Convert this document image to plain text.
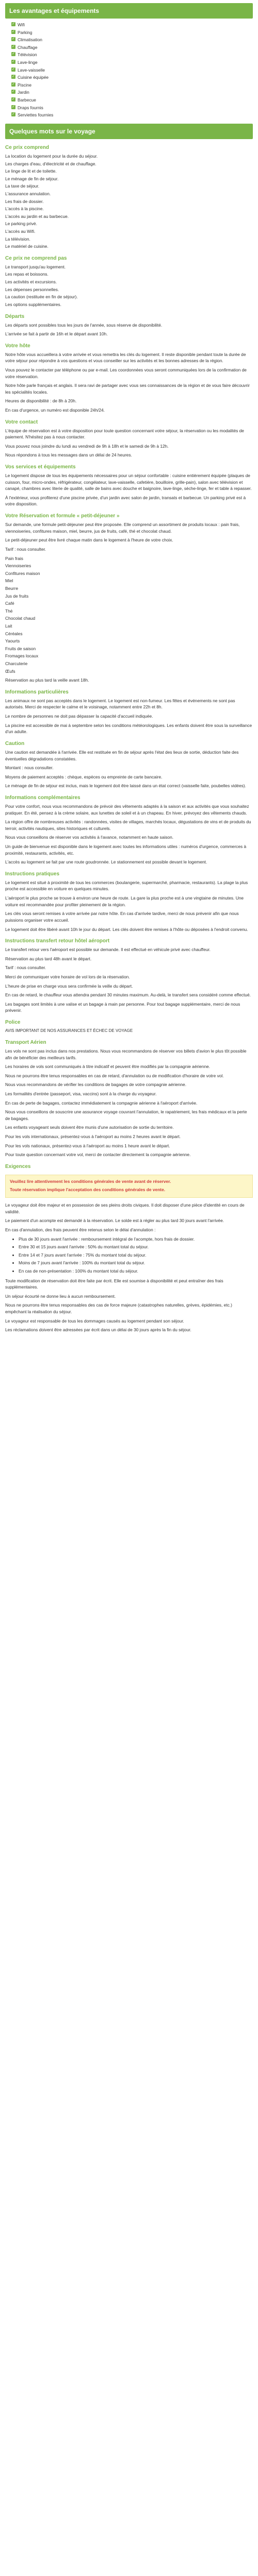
Les avantages et équipements
✓ Wifi
✓ Parking
✓ Climatisation
✓ Chauffage
✓ Télévision
✓ Lave-linge
✓ Lave-vaisselle
✓ Cuisine équipée
✓ Piscine
✓ Jardin
✓ Barbecue
✓ Draps fournis
✓ Serviettes fournies
Quelques mots sur le voyage
Ce prix comprend

La location du logement pour la durée du séjour.

Les charges d'eau, d'électricité et de chauffage.

Le linge de lit et de toilette.

Le ménage de fin de séjour.

La taxe de séjour.

L'assurance annulation.

Les frais de dossier.

L'accès à la piscine.

L'accès au jardin et au barbecue.

Le parking privé.

L'accès au Wifi.

La télévision.

Le matériel de cuisine.

Ce prix ne comprend pas

Le transport jusqu'au logement.

Les repas et boissons.

Les activités et excursions.

Les dépenses personnelles.

La caution (restituée en fin de séjour).

Les options supplémentaires.

Départs

Les départs sont possibles tous les jours de l'année, sous réserve de disponibilité.

L'arrivée se fait à partir de 16h et le départ avant 10h.

Votre hôte

Notre hôte vous accueillera à votre arrivée et vous remettra les clés du logement. Il reste disponible pendant toute la durée de votre séjour pour répondre à vos questions et vous conseiller sur les activités et les bonnes adresses de la région.

Vous pouvez le contacter par téléphone ou par e-mail. Les coordonnées vous seront communiquées lors de la confirmation de votre réservation.

Notre hôte parle français et anglais. Il sera ravi de partager avec vous ses connaissances de la région et de vous faire découvrir les spécialités locales.

Heures de disponibilité : de 8h à 20h.

En cas d'urgence, un numéro est disponible 24h/24.

Votre contact

L'équipe de réservation est à votre disposition pour toute question concernant votre séjour, la réservation ou les modalités de paiement. N'hésitez pas à nous contacter.

Vous pouvez nous joindre du lundi au vendredi de 9h à 18h et le samedi de 9h à 12h.

Nous répondons à tous les messages dans un délai de 24 heures.

Vos services et équipements

Le logement dispose de tous les équipements nécessaires pour un séjour confortable : cuisine entièrement équipée (plaques de cuisson, four, micro-ondes, réfrigérateur, congélateur, lave-vaisselle, cafetière, bouilloire, grille-pain), salon avec télévision et canapé, chambres avec literie de qualité, salle de bains avec douche et baignoire, lave-linge, sèche-linge, fer et table à repasser.

À l'extérieur, vous profiterez d'une piscine privée, d'un jardin avec salon de jardin, transats et barbecue. Un parking privé est à votre disposition.

Votre Réservation et formule « petit-déjeuner »

Sur demande, une formule petit-déjeuner peut être proposée. Elle comprend un assortiment de produits locaux : pain frais, viennoiseries, confitures maison, miel, beurre, jus de fruits, café, thé et chocolat chaud.

Le petit-déjeuner peut être livré chaque matin dans le logement à l'heure de votre choix.

Tarif : nous consulter.

Pain frais
Viennoiseries
Confitures maison
Miel
Beurre
Jus de fruits
Café
Thé
Chocolat chaud
Lait
Céréales
Yaourts
Fruits de saison
Fromages locaux
Charcuterie
Œufs

Réservation au plus tard la veille avant 18h.

Informations particulières

Les animaux ne sont pas acceptés dans le logement. Le logement est non-fumeur. Les fêtes et événements ne sont pas autorisés. Merci de respecter le calme et le voisinage, notamment entre 22h et 8h.

Le nombre de personnes ne doit pas dépasser la capacité d'accueil indiquée.

La piscine est accessible de mai à septembre selon les conditions météorologiques. Les enfants doivent être sous la surveillance d'un adulte.

Caution

Une caution est demandée à l'arrivée. Elle est restituée en fin de séjour après l'état des lieux de sortie, déduction faite des éventuelles dégradations constatées.

Montant : nous consulter.

Moyens de paiement acceptés : chèque, espèces ou empreinte de carte bancaire.

Le ménage de fin de séjour est inclus, mais le logement doit être laissé dans un état correct (vaisselle faite, poubelles vidées).

Informations complémentaires

Pour votre confort, nous vous recommandons de prévoir des vêtements adaptés à la saison et aux activités que vous souhaitez pratiquer. En été, pensez à la crème solaire, aux lunettes de soleil et à un chapeau. En hiver, prévoyez des vêtements chauds.

La région offre de nombreuses activités : randonnées, visites de villages, marchés locaux, dégustations de vins et de produits du terroir, activités nautiques, sites historiques et culturels.

Nous vous conseillons de réserver vos activités à l'avance, notamment en haute saison.

Un guide de bienvenue est disponible dans le logement avec toutes les informations utiles : numéros d'urgence, commerces à proximité, restaurants, activités, etc.

L'accès au logement se fait par une route goudronnée. Le stationnement est possible devant le logement.

Instructions pratiques

Le logement est situé à proximité de tous les commerces (boulangerie, supermarché, pharmacie, restaurants). La plage la plus proche est accessible en voiture en quelques minutes.

L'aéroport le plus proche se trouve à environ une heure de route. La gare la plus proche est à une vingtaine de minutes. Une voiture est recommandée pour profiter pleinement de la région.

Les clés vous seront remises à votre arrivée par notre hôte. En cas d'arrivée tardive, merci de nous prévenir afin que nous puissions organiser votre accueil.

Le logement doit être libéré avant 10h le jour du départ. Les clés doivent être remises à l'hôte ou déposées à l'endroit convenu.

Instructions transfert retour hôtel aéroport

Le transfert retour vers l'aéroport est possible sur demande. Il est effectué en véhicule privé avec chauffeur.

Réservation au plus tard 48h avant le départ.

Tarif : nous consulter.

Merci de communiquer votre horaire de vol lors de la réservation.

L'heure de prise en charge vous sera confirmée la veille du départ.

En cas de retard, le chauffeur vous attendra pendant 30 minutes maximum. Au-delà, le transfert sera considéré comme effectué.

Les bagages sont limités à une valise et un bagage à main par personne. Pour tout bagage supplémentaire, merci de nous prévenir.

Police

AVIS IMPORTANT DE NOS ASSURANCES ET ÉCHEC DE VOYAGE

Transport Aérien

Les vols ne sont pas inclus dans nos prestations. Nous vous recommandons de réserver vos billets d'avion le plus tôt possible afin de bénéficier des meilleurs tarifs.

Les horaires de vols sont communiqués à titre indicatif et peuvent être modifiés par la compagnie aérienne.

Nous ne pourrons être tenus responsables en cas de retard, d'annulation ou de modification d'horaire de votre vol.

Nous vous recommandons de vérifier les conditions de bagages de votre compagnie aérienne.

Les formalités d'entrée (passeport, visa, vaccins) sont à la charge du voyageur.

En cas de perte de bagages, contactez immédiatement la compagnie aérienne à l'aéroport d'arrivée.

Nous vous conseillons de souscrire une assurance voyage couvrant l'annulation, le rapatriement, les frais médicaux et la perte de bagages.

Les enfants voyageant seuls doivent être munis d'une autorisation de sortie du territoire.

Pour les vols internationaux, présentez-vous à l'aéroport au moins 2 heures avant le départ.

Pour les vols nationaux, présentez-vous à l'aéroport au moins 1 heure avant le départ.

Pour toute question concernant votre vol, merci de contacter directement la compagnie aérienne.

Exigences

Veuillez lire attentivement les conditions générales de vente avant de réserver.

Toute réservation implique l'acceptation des conditions générales de vente.

Le voyageur doit être majeur et en possession de ses pleins droits civiques. Il doit disposer d'une pièce d'identité en cours de validité.

Le paiement d'un acompte est demandé à la réservation. Le solde est à régler au plus tard 30 jours avant l'arrivée.

En cas d'annulation, des frais peuvent être retenus selon le délai d'annulation :

• Plus de 30 jours avant l'arrivée : remboursement intégral de l'acompte, hors frais de dossier.
• Entre 30 et 15 jours avant l'arrivée : 50% du montant total du séjour.
• Entre 14 et 7 jours avant l'arrivée : 75% du montant total du séjour.
• Moins de 7 jours avant l'arrivée : 100% du montant total du séjour.
• En cas de non-présentation : 100% du montant total du séjour.

Toute modification de réservation doit être faite par écrit. Elle est soumise à disponibilité et peut entraîner des frais supplémentaires.

Un séjour écourté ne donne lieu à aucun remboursement.

Nous ne pourrons être tenus responsables des cas de force majeure (catastrophes naturelles, grèves, épidémies, etc.) empêchant la réalisation du séjour.

Le voyageur est responsable de tous les dommages causés au logement pendant son séjour.

Les réclamations doivent être adressées par écrit dans un délai de 30 jours après la fin du séjour.
